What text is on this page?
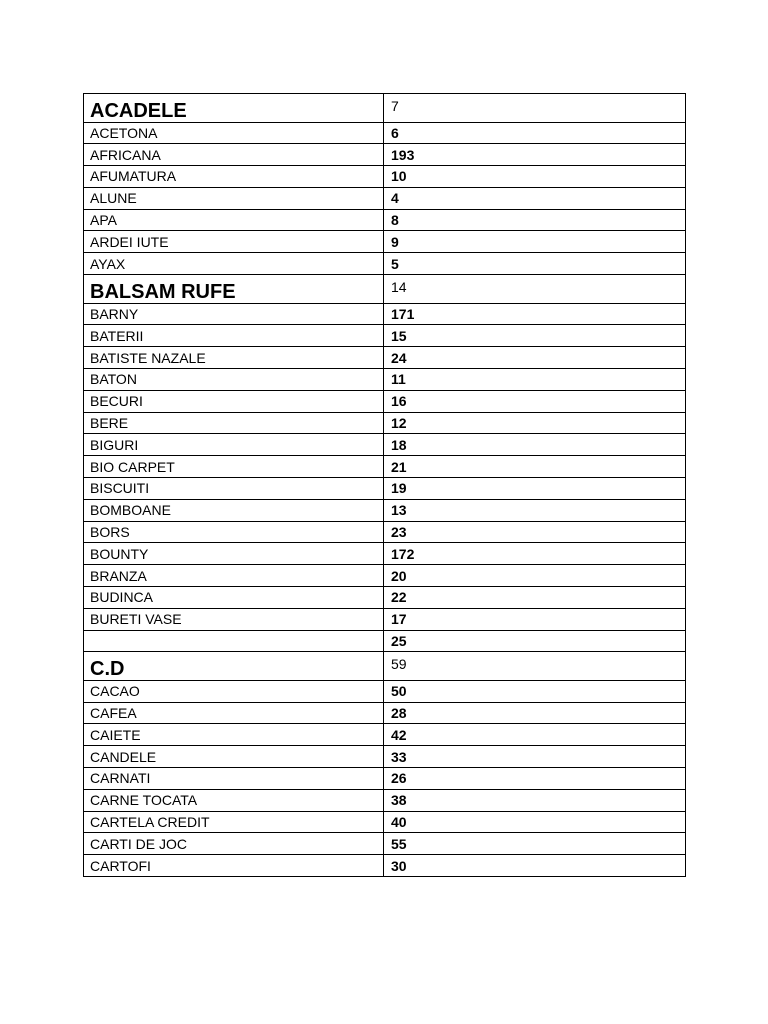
ACADELE	7
ACETONA	6
AFRICANA	193
AFUMATURA	10
ALUNE	4
APA	8
ARDEI IUTE	9
AYAX	5
BALSAM RUFE	14
BARNY	171
BATERII	15
BATISTE NAZALE	24
BATON	11
BECURI	16
BERE	12
BIGURI	18
BIO CARPET	21
BISCUITI	19
BOMBOANE	13
BORS	23
BOUNTY	172
BRANZA	20
BUDINCA	22
BURETI VASE	17
	25
C.D	59
CACAO	50
CAFEA	28
CAIETE	42
CANDELE	33
CARNATI	26
CARNE TOCATA	38
CARTELA CREDIT	40
CARTI DE JOC	55
CARTOFI	30
